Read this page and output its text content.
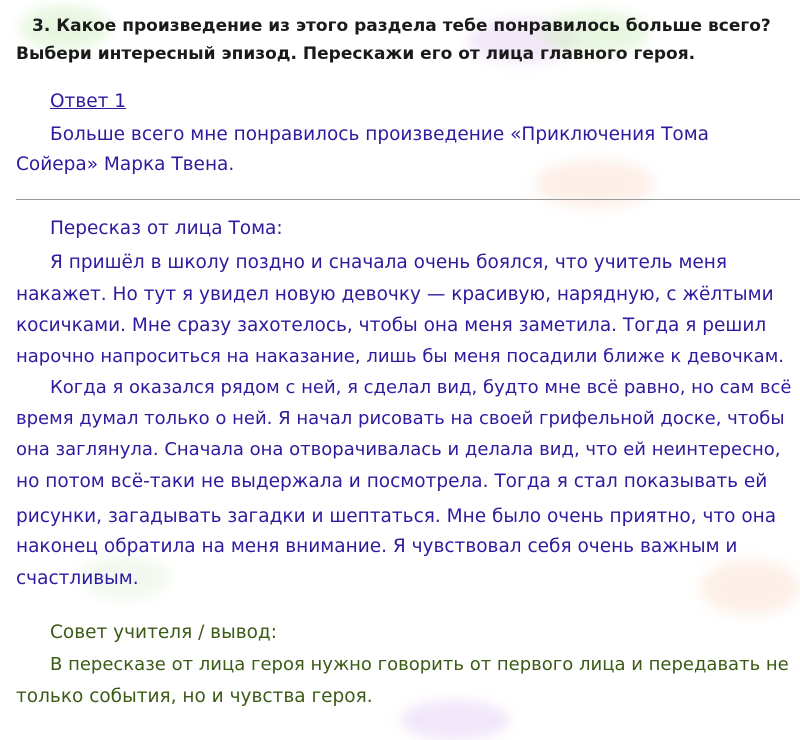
3. Какое произведение из этого раздела тебе понравилось больше всего?
Выбери интересный эпизод. Перескажи его от лица главного героя.
Ответ 1
Больше всего мне понравилось произведение «Приключения Тома
Сойера» Марка Твена.
Пересказ от лица Тома:
Я пришёл в школу поздно и сначала очень боялся, что учитель меня
накажет. Но тут я увидел новую девочку — красивую, нарядную, с жёлтыми
косичками. Мне сразу захотелось, чтобы она меня заметила. Тогда я решил
нарочно напроситься на наказание, лишь бы меня посадили ближе к девочкам.
Когда я оказался рядом с ней, я сделал вид, будто мне всё равно, но сам всё
время думал только о ней. Я начал рисовать на своей грифельной доске, чтобы
она заглянула. Сначала она отворачивалась и делала вид, что ей неинтересно,
но потом всё-таки не выдержала и посмотрела. Тогда я стал показывать ей
рисунки, загадывать загадки и шептаться. Мне было очень приятно, что она
наконец обратила на меня внимание. Я чувствовал себя очень важным и
счастливым.
Совет учителя / вывод:
В пересказе от лица героя нужно говорить от первого лица и передавать не
только события, но и чувства героя.
